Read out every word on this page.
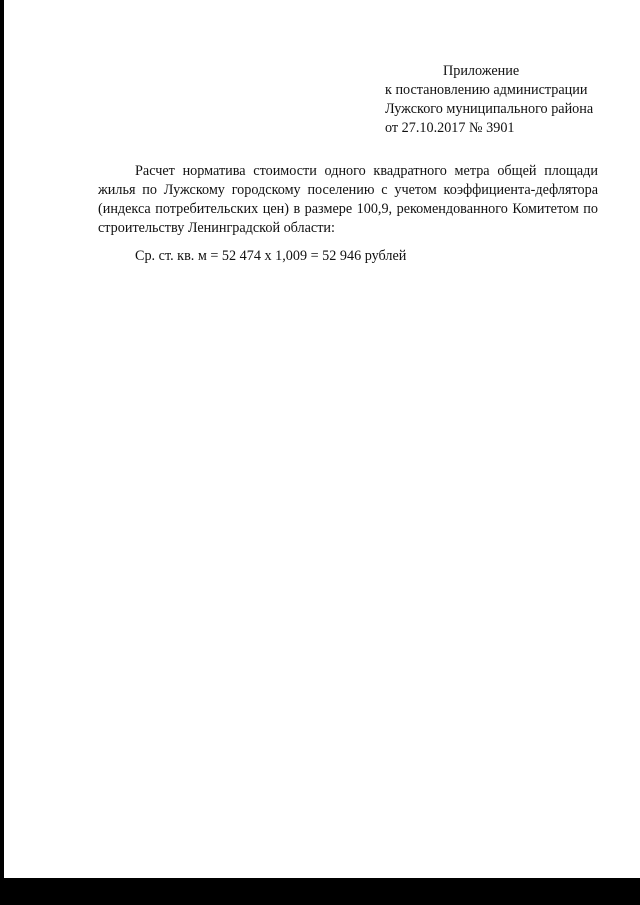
Приложение
к постановлению администрации
Лужского муниципального района
от 27.10.2017 № 3901

Расчет норматива стоимости одного квадратного метра общей площади жилья по Лужскому городскому поселению с учетом коэффициента-дефлятора (индекса потребительских цен) в размере 100,9, рекомендованного Комитетом по строительству Ленинградской области:

Ср. ст. кв. м = 52 474 х 1,009 = 52 946 рублей
